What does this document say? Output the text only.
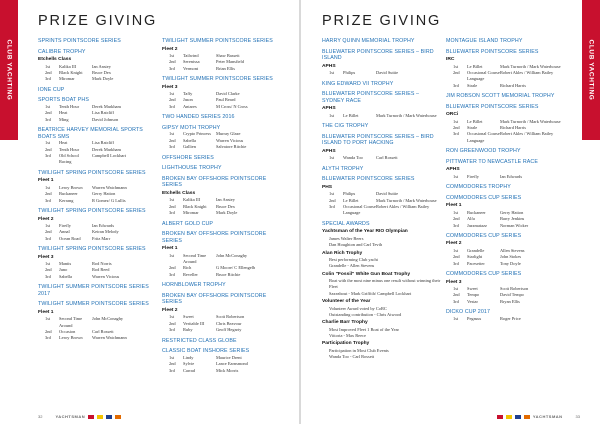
CLUB YACHTING	CLUB YACHTING
PRIZE GIVING	PRIZE GIVING
SPRINTS POINTSCORE SERIES
CALIBRE TROPHY
Etchells Class
1st	Kalika III	Ian Anstey
2nd	Black Knight	Bruce Dex
3rd	Miromar	Mark Doyle
IONE CUP
SPORTS BOAT PHS
1st	Tenth Hour	Derek Markham
2nd	Heat	Lisa Ratcliff
3rd	Ming	David Johnson
BEATRICE HARVEY MEMORIAL SPORTS BOATS SMS
1st	Heat	Lisa Ratcliff
2nd	Tenth Hour	Derek Markham
3rd	Old School Racing
Campbell Lockhart
TWILIGHT SPRING POINTSCORE SERIES
Fleet 1
1st	Leroy Brown	Warren Watchmann
2nd	Buckaneer	Gerry Hatton
3rd	Kerrang	R Gomez/ G Lullis
TWILIGHT SPRING POINTSCORE SERIES
Fleet 2
1st	Firefly	Ian Edwards
2nd	Annal	Keiran Melody
3rd	Ocean Road	Fritz Marr
TWILIGHT SPRING POINTSCORE SERIES
Fleet 3
1st	Mantis	Rod Norris
2nd	Juno	Rod Reed
3rd	Sabella	Warren Vicious
TWILIGHT SUMMER POINTSCORE SERIES 2017
TWILIGHT SUMMER POINTSCORE SERIES
Fleet 1
1st	Second Time Around
John McConaghy
2nd	Occasion	Carl Rossett
3rd	Leroy Brown	Warren Watchmann
TWILIGHT SUMMER POINTSCORE SERIES
Fleet 2
1st	Tailwind	Shaw Bassett
2nd	Serenissa	Peter Mansfield
3rd	Vermont	Brian Ellis
TWILIGHT SUMMER POINTSCORE SERIES
Fleet 3
1st	Taffy	David Clarke
2nd	Jason	Paul Beard
3rd	Antares	M Cross/ N Cross
TWO HANDED SERIES 2016
GIPSY MOTH TROPHY
1st	Crypto Princess	Murray Glaze
2nd	Sabella	Warren Vicious
3rd	Gallien	Salvatore Ritchie
OFFSHORE SERIES
LIGHTHOUSE TROPHY
BROKEN BAY OFFSHORE POINTSCORE SERIES
Etchells Class
1st	Kalika III	Ian Anstey
2nd	Black Knight	Bruce Dex
3rd	Miromar	Mark Doyle
ALBERT GOLD CUP
BROKEN BAY OFFSHORE POINTSCORE SERIES
Fleet 1
1st	Second Time Around
John McConaghy
2nd	Rich	G Moore/ C Ellengelb
3rd	Reveller	Bruce Ritchie
HORNBLOWER TROPHY
BROKEN BAY OFFSHORE POINTSCORE SERIES
Fleet 2
1st	Sweet	Scott Robertson
2nd	Veritable III	Chris Beavour
3rd	Ruby	Geoff Hegarty
RESTRICTED CLASS GLOBE
CLASSIC BOAT INSHORE SERIES
1st	Lindy	Maurice Drent
2nd	Sylvie	Lance Earnsmond
3rd	Carrad	Mick Morris
HARRY QUINN MEMORIAL TROPHY
BLUEWATER POINTSCORE SERIES – BIRD ISLAND
APHS
1st	Philips	David Suttie
KING EDWARD VII TROPHY
BLUEWATER POINTSCORE SERIES – SYDNEY RACE
APHS
1st	Le Billet	Mark Turnorth / Mark Waterhouse
THE CIG TROPHY
BLUEWATER POINTSCORE SERIES – BIRD ISLAND TO PORT HACKING
APHS
1st	Wanda Too	Carl Rossett
ALYTH TROPHY
BLUEWATER POINTSCORE SERIES
PHS
1st	Philips	David Suttie
2nd	Le Billet	Mark Turnorth / Mark Waterhouse
3rd	Occasional Coarse Language
Robert Akles / William Bailey
SPECIAL AWARDS
Yachtsman of the Year RIO Olympian
James Walter Beers
Dan Houghton and Carl Tevih
Alan Rich Trophy
Best performing Club yacht
Grandelle - Allen Stevens
Colin "Fossil" White Gun Boat Trophy
Boat with the most nine minus one result without winning their Fleet
Saxeabout - Mark Griffith/ Campbell Lockhart
Volunteer of the Year
Volunteer Award voted by CoRC
Outstanding contribution - Chris Atwood
Charlie Barr Trophy
Most Improved Fleet 1 Boat of the Year
Vittoria - Max Reece
Participation Trophy
Participation in Most Club Events
Wanda Too - Carl Rossett
MONTAGUE ISLAND TROPHY
BLUEWATER POINTSCORE SERIES
IRC
1st	Le Billet	Mark Turnorth / Mark Waterhouse
2nd	Occasional Coarse Language
Robert Akles / William Bailey
3rd	Strale	Richard Harris
JIM ROBSON SCOTT MEMORIAL TROPHY
BLUEWATER POINTSCORE SERIES
ORCi
1st	Le Billet	Mark Turnorth / Mark Waterhouse
2nd	Strale	Richard Harris
3rd	Occasional Coarse Language
Robert Akles / William Bailey
RON GREENWOOD TROPHY
PITTWATER TO NEWCASTLE RACE
APHS
1st	Firefly	Ian Edwards
COMMODORES TROPHY
COMMODORES CUP SERIES
Fleet 1
1st	Buckaneer	Gerry Hatton
2nd	Alfa	Barry Jenkins
3rd	Jazzmatazz	Norman Wicker
COMMODORES CUP SERIES
Fleet 2
1st	Grandelle	Allen Stevens
2nd	Starlight	John Stokes
3rd	Pacesetter	Tony Doyle
COMMODORES CUP SERIES
Fleet 3
1st	Sweet	Scott Robertson
2nd	Tempo	David Tempo
3rd	Vestar	Bryan Ellis
DICKO CUP 2017
1st	Pegasus	Roger Price
32	YACHTSMAN	YACHTSMAN	33
